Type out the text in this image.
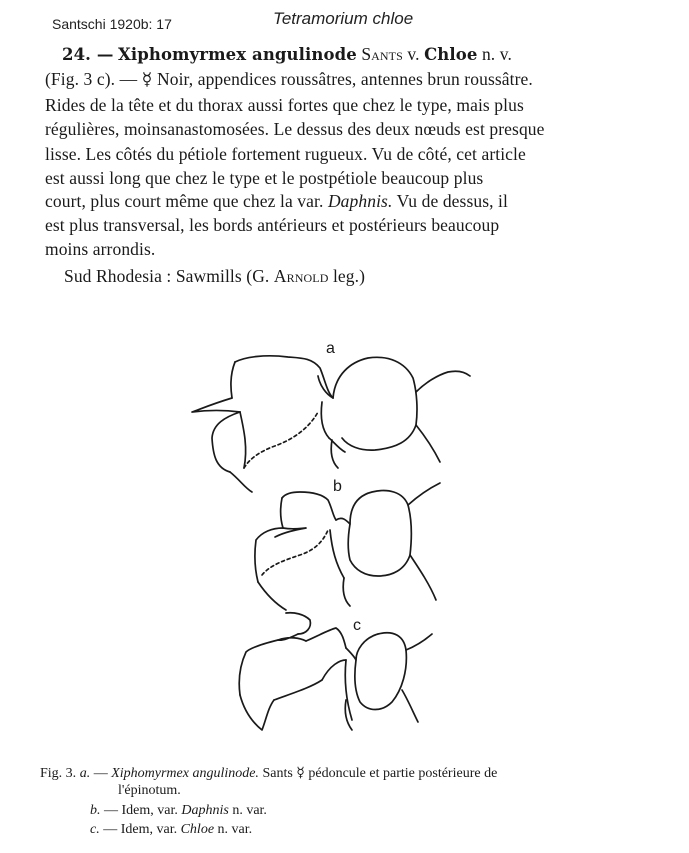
Santschi 1920b: 17	Tetramorium chloe
24. — Xiphomyrmex angulinode Sants v. Chloe n. v.
(Fig. 3 c). — ☿ Noir, appendices roussâtres, antennes brun roussâtre.
Rides de la tête et du thorax aussi fortes que chez le type, mais plus
régulières, moinsanastomosées. Le dessus des deux nœuds est presque
lisse. Les côtés du pétiole fortement rugueux. Vu de côté, cet article
est aussi long que chez le type et le postpétiole beaucoup plus
court, plus court même que chez la var. Daphnis. Vu de dessus, il
est plus transversal, les bords antérieurs et postérieurs beaucoup
moins arrondis.
Sud Rhodesia : Sawmills (G. Arnold leg.)
a
b
c
Fig. 3. a. — Xiphomyrmex angulinode. Sants ☿ pédoncule et partie postérieure de
l'épinotum.
b. — Idem, var. Daphnis n. var.
c. — Idem, var. Chloe n. var.
